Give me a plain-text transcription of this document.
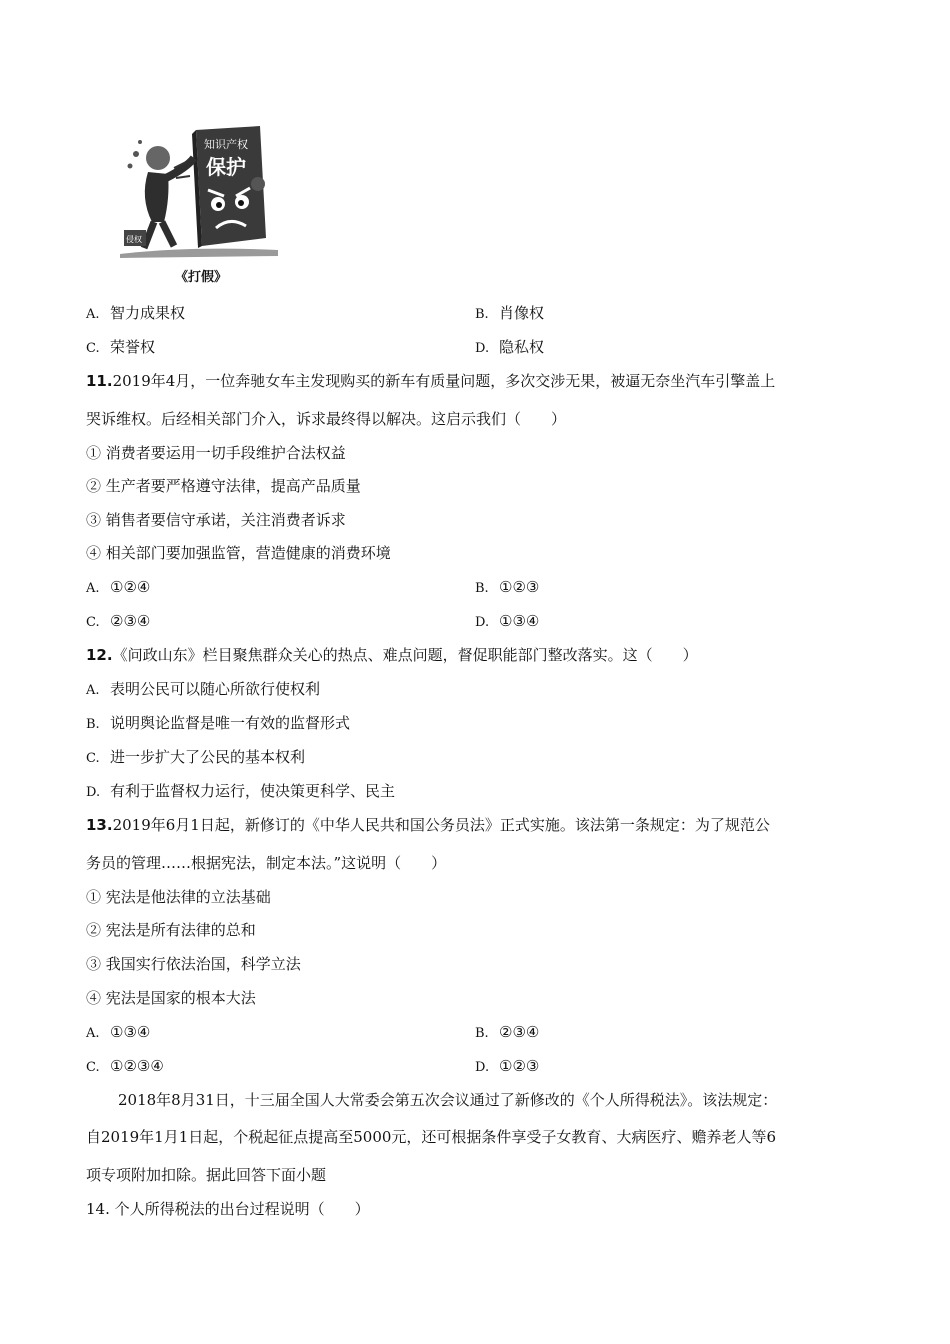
知识产权
保护
侵权
《打假》
A. 智力成果权	B. 肖像权
C. 荣誉权	D. 隐私权
11.2019年4月，一位奔驰女车主发现购买的新车有质量问题，多次交涉无果，被逼无奈坐汽车引擎盖上
哭诉维权。后经相关部门介入，诉求最终得以解决。这启示我们（　　）
① 消费者要运用一切手段维护合法权益
② 生产者要严格遵守法律，提高产品质量
③ 销售者要信守承诺，关注消费者诉求
④ 相关部门要加强监管，营造健康的消费环境
A. ①②④	B. ①②③
C. ②③④	D. ①③④
12.《问政山东》栏目聚焦群众关心的热点、难点问题，督促职能部门整改落实。这（　　）
A. 表明公民可以随心所欲行使权利
B. 说明舆论监督是唯一有效的监督形式
C. 进一步扩大了公民的基本权利
D. 有利于监督权力运行，使决策更科学、民主
13.2019年6月1日起，新修订的《中华人民共和国公务员法》正式实施。该法第一条规定：为了规范公
务员的管理……根据宪法，制定本法。”这说明（　　）
① 宪法是他法律的立法基础
② 宪法是所有法律的总和
③ 我国实行依法治国，科学立法
④ 宪法是国家的根本大法
A. ①③④	B. ②③④
C. ①②③④	D. ①②③
2018年8月31日，十三届全国人大常委会第五次会议通过了新修改的《个人所得税法》。该法规定：
自2019年1月1日起，个税起征点提高至5000元，还可根据条件享受子女教育、大病医疗、赡养老人等6
项专项附加扣除。据此回答下面小题
14. 个人所得税法的出台过程说明（　　）
